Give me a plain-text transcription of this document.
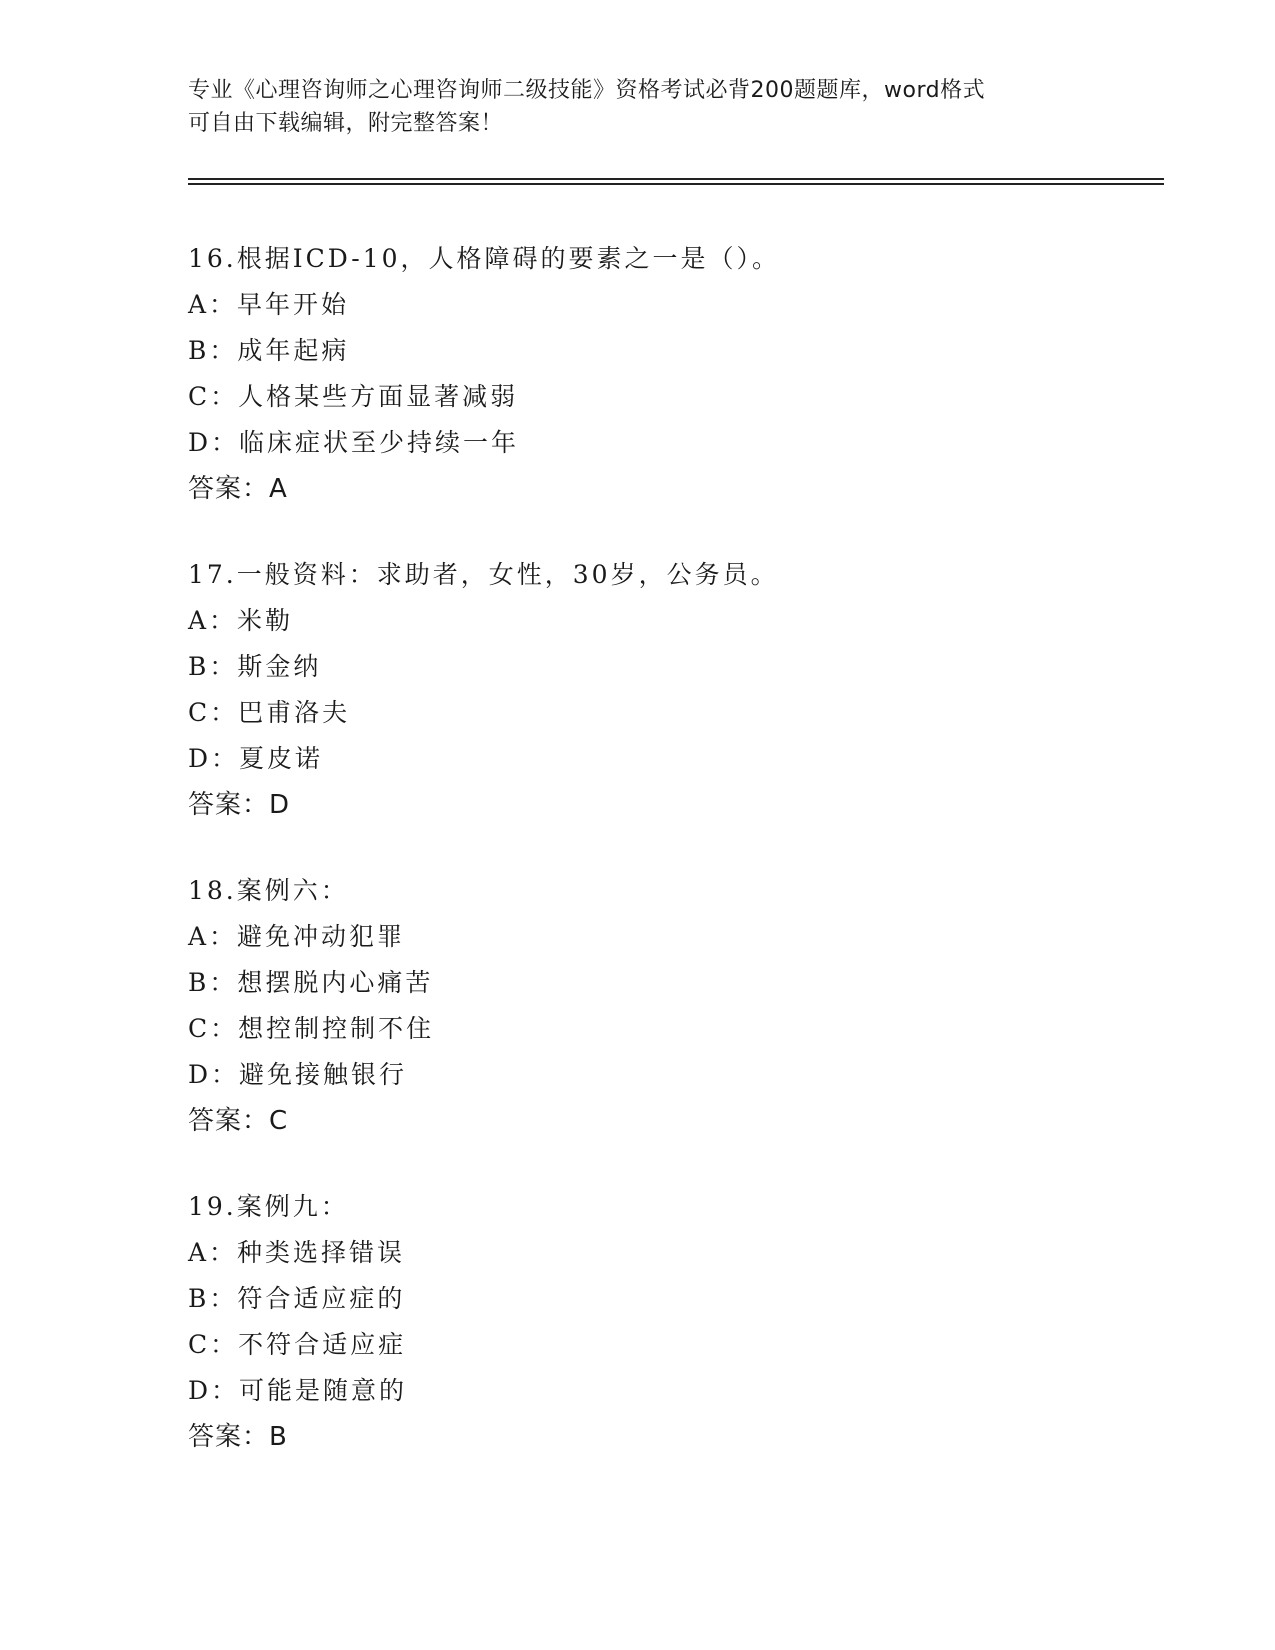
专业《心理咨询师之心理咨询师二级技能》资格考试必背200题题库，word格式
可自由下载编辑，附完整答案！
16.根据ICD-10，人格障碍的要素之一是（）。
A：早年开始
B：成年起病
C：人格某些方面显著减弱
D：临床症状至少持续一年
答案：A
17.一般资料：求助者，女性，30岁，公务员。
A：米勒
B：斯金纳
C：巴甫洛夫
D：夏皮诺
答案：D
18.案例六：
A：避免冲动犯罪
B：想摆脱内心痛苦
C：想控制控制不住
D：避免接触银行
答案：C
19.案例九：
A：种类选择错误
B：符合适应症的
C：不符合适应症
D：可能是随意的
答案：B
